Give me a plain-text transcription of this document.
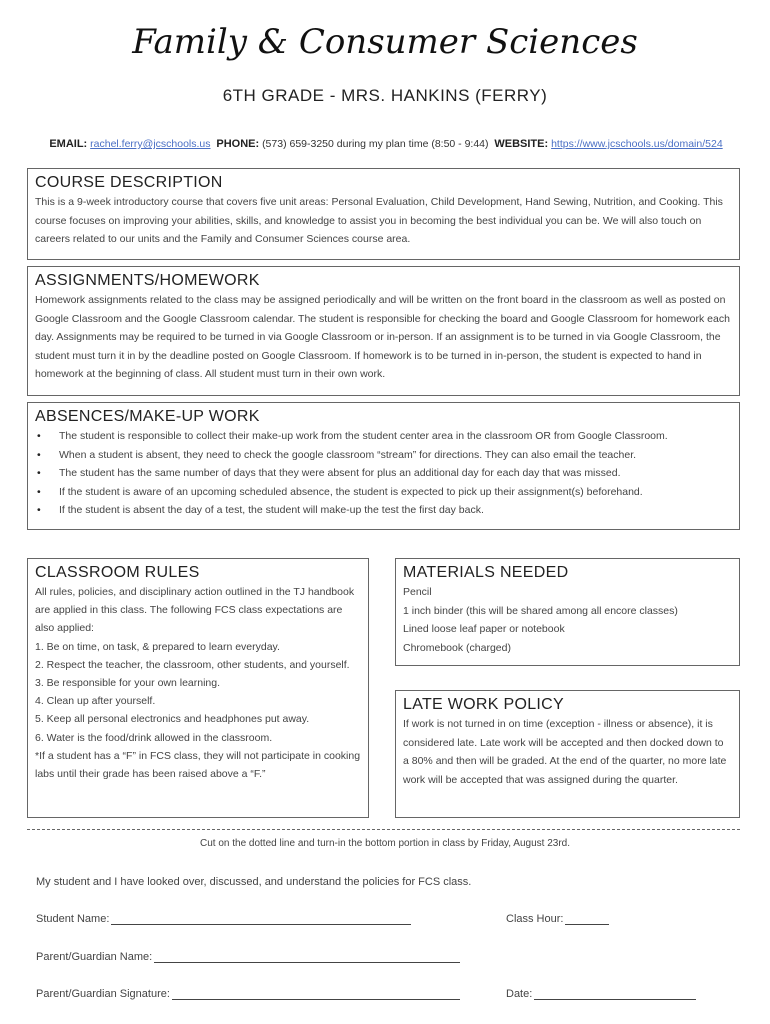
Family & Consumer Sciences
6TH GRADE - MRS. HANKINS (FERRY)
EMAIL: rachel.ferry@jcschools.us PHONE: (573) 659-3250 during my plan time (8:50 - 9:44) WEBSITE: https://www.jcschools.us/domain/524
COURSE DESCRIPTION

This is a 9-week introductory course that covers five unit areas: Personal Evaluation, Child Development, Hand Sewing, Nutrition, and Cooking. This course focuses on improving your abilities, skills, and knowledge to assist you in becoming the best individual you can be. We will also touch on careers related to our units and the Family and Consumer Sciences course area.

ASSIGNMENTS/HOMEWORK

Homework assignments related to the class may be assigned periodically and will be written on the front board in the classroom as well as posted on Google Classroom and the Google Classroom calendar. The student is responsible for checking the board and Google Classroom for homework each day. Assignments may be required to be turned in via Google Classroom or in-person. If an assignment is to be turned in via Google Classroom, the student must turn it in by the deadline posted on Google Classroom. If homework is to be turned in in-person, the student is expected to hand in homework at the beginning of class. All student must turn in their own work.

ABSENCES/MAKE-UP WORK
• The student is responsible to collect their make-up work from the student center area in the classroom OR from Google Classroom.
• When a student is absent, they need to check the google classroom “stream” for directions. They can also email the teacher.
• The student has the same number of days that they were absent for plus an additional day for each day that was missed.
• If the student is aware of an upcoming scheduled absence, the student is expected to pick up their assignment(s) beforehand.
• If the student is absent the day of a test, the student will make-up the test the first day back.
CLASSROOM RULES

All rules, policies, and disciplinary action outlined in the TJ handbook are applied in this class. The following FCS class expectations are also applied:

1. Be on time, on task, & prepared to learn everyday.

2. Respect the teacher, the classroom, other students, and yourself.

3. Be responsible for your own learning.

4. Clean up after yourself.

5. Keep all personal electronics and headphones put away.

6. Water is the food/drink allowed in the classroom.

*If a student has a “F” in FCS class, they will not participate in cooking labs until their grade has been raised above a “F.”

MATERIALS NEEDED

Pencil

1 inch binder (this will be shared among all encore classes)

Lined loose leaf paper or notebook

Chromebook (charged)

LATE WORK POLICY

If work is not turned in on time (exception - illness or absence), it is considered late. Late work will be accepted and then docked down to a 80% and then will be graded. At the end of the quarter, no more late work will be accepted that was assigned during the quarter.

Cut on the dotted line and turn-in the bottom portion in class by Friday, August 23rd.
My student and I have looked over, discussed, and understand the policies for FCS class.
Student Name:	Class Hour:
Parent/Guardian Name:
Parent/Guardian Signature:	Date:
